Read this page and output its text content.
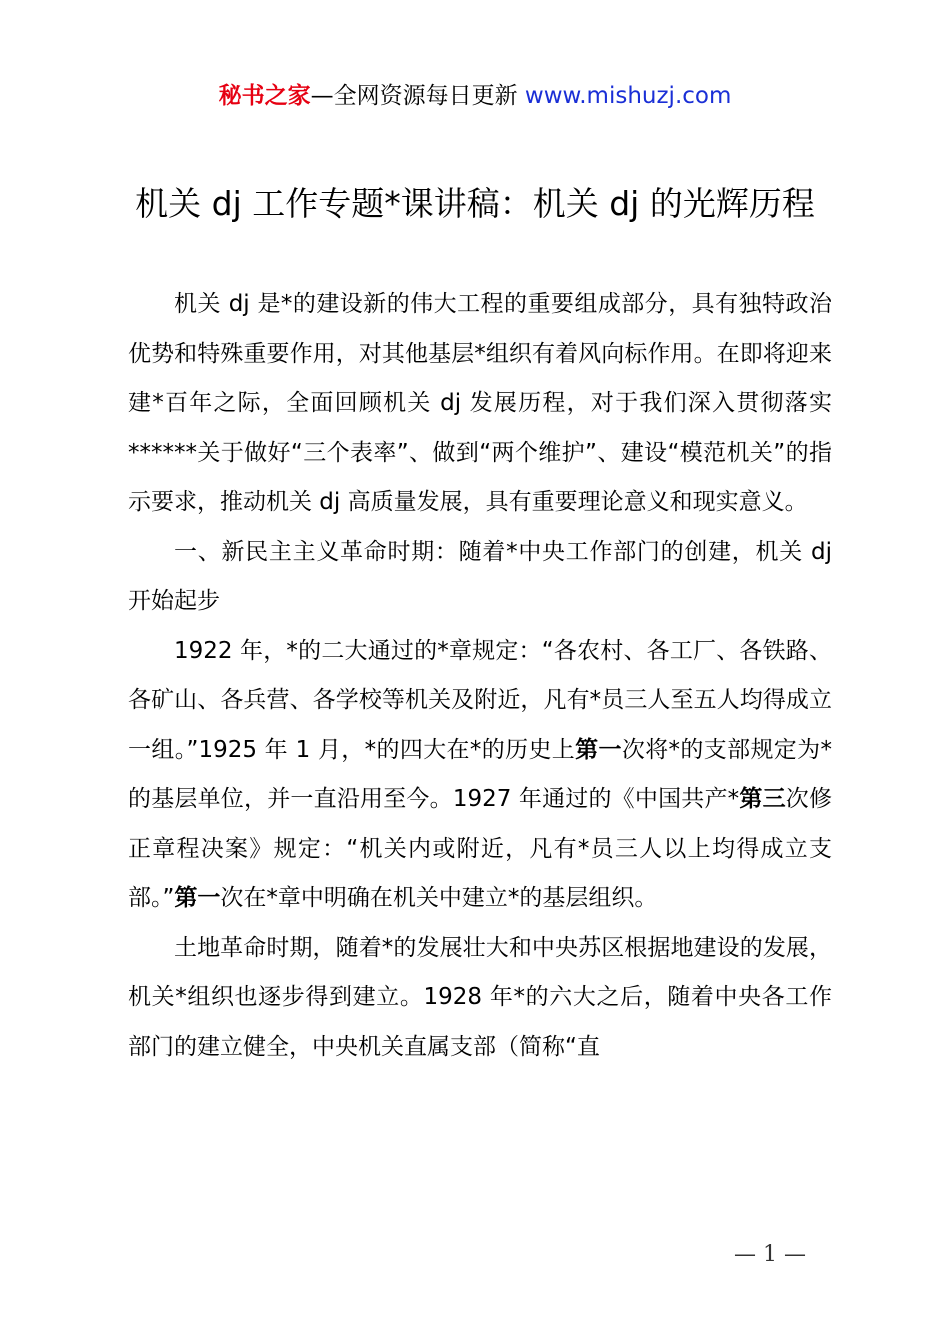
秘书之家—全网资源每日更新 www.mishuzj.com
机关 dj 工作专题*课讲稿：机关 dj 的光辉历程

机关 dj 是*的建设新的伟大工程的重要组成部分，具有独特政治优势和特殊重要作用，对其他基层*组织有着风向标作用。在即将迎来建*百年之际，全面回顾机关 dj 发展历程，对于我们深入贯彻落实******关于做好“三个表率”、做到“两个维护”、建设“模范机关”的指示要求，推动机关 dj 高质量发展，具有重要理论意义和现实意义。

一、新民主主义革命时期：随着*中央工作部门的创建，机关 dj 开始起步

1922 年，*的二大通过的*章规定：“各农村、各工厂、各铁路、各矿山、各兵营、各学校等机关及附近，凡有*员三人至五人均得成立一组。”1925 年 1 月，*的四大在*的历史上第一次将*的支部规定为*的基层单位，并一直沿用至今。1927 年通过的《中国共产*第三次修正章程决案》规定：“机关内或附近，凡有*员三人以上均得成立支部。”第一次在*章中明确在机关中建立*的基层组织。

土地革命时期，随着*的发展壮大和中央苏区根据地建设的发展，机关*组织也逐步得到建立。1928 年*的六大之后，随着中央各工作部门的建立健全，中央机关直属支部（简称“直

— 1 —
